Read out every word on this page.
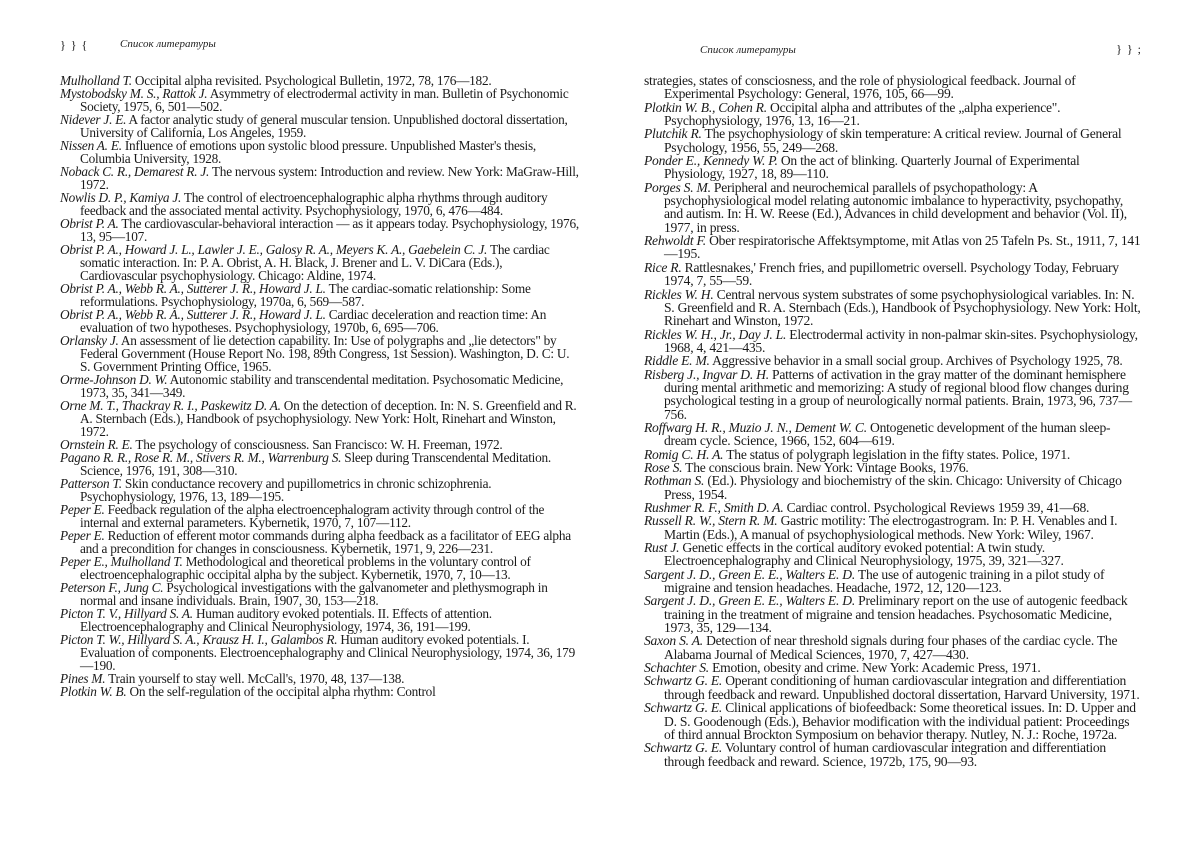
} } {	Список литературы

Mulholland T. Occipital alpha revisited. Psychological Bulletin, 1972, 78, 176—182.

Mystobodsky M. S., Rattok J. Asymmetry of electrodermal activity in man. Bulletin of Psychonomic Society, 1975, 6, 501—502.

Nidever J. E. A factor analytic study of general muscular tension. Unpublished doctoral dissertation, University of California, Los Angeles, 1959.

Nissen A. E. Influence of emotions upon systolic blood pressure. Unpublished Master's thesis, Columbia University, 1928.

Noback C. R., Demarest R. J. The nervous system: Introduction and review. New York: MaGraw-Hill, 1972.

Nowlis D. P., Kamiya J. The control of electroencephalographic alpha rhythms through auditory feedback and the associated mental activity. Psychophysiology, 1970, 6, 476—484.

Obrist P. A. The cardiovascular-behavioral interaction — as it appears today. Psychophysiology, 1976, 13, 95—107.

Obrist P. A., Howard J. L., Lawler J. E., Galosy R. A., Meyers K. A., Gaebelein C. J. The cardiac somatic interaction. In: P. A. Obrist, A. H. Black, J. Brener and L. V. DiCara (Eds.), Cardiovascular psychophysiology. Chicago: Aldine, 1974.

Obrist P. A., Webb R. A., Sutterer J. R., Howard J. L. The cardiac-somatic relationship: Some reformulations. Psychophysiology, 1970a, 6, 569—587.

Obrist P. A., Webb R. A., Sutterer J. R., Howard J. L. Cardiac deceleration and reaction time: An evaluation of two hypotheses. Psychophysiology, 1970b, 6, 695—706.

Orlansky J. An assessment of lie detection capability. In: Use of polygraphs and „lie detectors" by Federal Government (House Report No. 198, 89th Congress, 1st Session). Washington, D. C: U. S. Government Printing Office, 1965.

Orme-Johnson D. W. Autonomic stability and transcendental meditation. Psychosomatic Medicine, 1973, 35, 341—349.

Orne M. T., Thackray R. I., Paskewitz D. A. On the detection of deception. In: N. S. Greenfield and R. A. Sternbach (Eds.), Handbook of psychophysiology. New York: Holt, Rinehart and Winston, 1972.

Ornstein R. E. The psychology of consciousness. San Francisco: W. H. Freeman, 1972.

Pagano R. R., Rose R. M., Stivers R. M., Warrenburg S. Sleep during Transcendental Meditation. Science, 1976, 191, 308—310.

Patterson T. Skin conductance recovery and pupillometrics in chronic schizophrenia. Psychophysiology, 1976, 13, 189—195.

Peper E. Feedback regulation of the alpha electroencephalogram activity through control of the internal and external parameters. Kybernetik, 1970, 7, 107—112.

Peper E. Reduction of efferent motor commands during alpha feedback as a facilitator of EEG alpha and a precondition for changes in consciousness. Kybernetik, 1971, 9, 226—231.

Peper E., Mulholland T. Methodological and theoretical problems in the voluntary control of electroencephalographic occipital alpha by the subject. Kybernetik, 1970, 7, 10—13.

Peterson F., Jung C. Psychological investigations with the galvanometer and plethysmograph in normal and insane individuals. Brain, 1907, 30, 153—218.

Picton T. V., Hillyard S. A. Human auditory evoked potentials. II. Effects of attention. Electroencephalography and Clinical Neurophysiology, 1974, 36, 191—199.

Picton T. W., Hillyard S. A., Krausz H. I., Galambos R. Human auditory evoked potentials. I. Evaluation of components. Electroencephalography and Clinical Neurophysiology, 1974, 36, 179—190.

Pines M. Train yourself to stay well. McCall's, 1970, 48, 137—138.

Plotkin W. B. On the self-regulation of the occipital alpha rhythm: Control

Список литературы	} } ;

strategies, states of consciosness, and the role of physiological feedback. Journal of Experimental Psychology: General, 1976, 105, 66—99.

Plotkin W. B., Cohen R. Occipital alpha and attributes of the „alpha experience". Psychophysiology, 1976, 13, 16—21.

Plutchik R. The psychophysiology of skin temperature: A critical review. Journal of General Psychology, 1956, 55, 249—268.

Ponder E., Kennedy W. P. On the act of blinking. Quarterly Journal of Experimental Physiology, 1927, 18, 89—110.

Porges S. M. Peripheral and neurochemical parallels of psychopathology: A psychophysiological model relating autonomic imbalance to hyperactivity, psychopathy, and autism. In: H. W. Reese (Ed.), Advances in child development and behavior (Vol. II), 1977, in press.

Rehwoldt F. Ober respiratorische Affektsymptome, mit Atlas von 25 Tafeln Ps. St., 1911, 7, 141—195.

Rice R. Rattlesnakes,' French fries, and pupillometric oversell. Psychology Today, February 1974, 7, 55—59.

Rickles W. H. Central nervous system substrates of some psychophysiological variables. In: N. S. Greenfield and R. A. Sternbach (Eds.), Handbook of Psychophysiology. New York: Holt, Rinehart and Winston, 1972.

Rickles W. H., Jr., Day J. L. Electrodermal activity in non-palmar skin-sites. Psychophysiology, 1968, 4, 421—435.

Riddle E. M. Aggressive behavior in a small social group. Archives of Psychology 1925, 78.

Risberg J., Ingvar D. H. Patterns of activation in the gray matter of the dominant hemisphere during mental arithmetic and memorizing: A study of regional blood flow changes during psychological testing in a group of neurologically normal patients. Brain, 1973, 96, 737—756.

Roffwarg H. R., Muzio J. N., Dement W. C. Ontogenetic development of the human sleep-dream cycle. Science, 1966, 152, 604—619.

Romig C. H. A. The status of polygraph legislation in the fifty states. Police, 1971.

Rose S. The conscious brain. New York: Vintage Books, 1976.

Rothman S. (Ed.). Physiology and biochemistry of the skin. Chicago: University of Chicago Press, 1954.

Rushmer R. F., Smith D. A. Cardiac control. Psychological Reviews 1959 39, 41—68.

Russell R. W., Stern R. M. Gastric motility: The electrogastrogram. In: P. H. Venables and I. Martin (Eds.), A manual of psychophysiological methods. New York: Wiley, 1967.

Rust J. Genetic effects in the cortical auditory evoked potential: A twin study. Electroencephalography and Clinical Neurophysiology, 1975, 39, 321—327.

Sargent J. D., Green E. E., Walters E. D. The use of autogenic training in a pilot study of migraine and tension headaches. Headache, 1972, 12, 120—123.

Sargent J. D., Green E. E., Walters E. D. Preliminary report on the use of autogenic feedback training in the treatment of migraine and tension headaches. Psychosomatic Medicine, 1973, 35, 129—134.

Saxon S. A. Detection of near threshold signals during four phases of the cardiac cycle. The Alabama Journal of Medical Sciences, 1970, 7, 427—430.

Schachter S. Emotion, obesity and crime. New York: Academic Press, 1971.

Schwartz G. E. Operant conditioning of human cardiovascular integration and differentiation through feedback and reward. Unpublished doctoral dissertation, Harvard University, 1971.

Schwartz G. E. Clinical applications of biofeedback: Some theoretical issues. In: D. Upper and D. S. Goodenough (Eds.), Behavior modification with the individual patient: Proceedings of third annual Brockton Symposium on behavior therapy. Nutley, N. J.: Roche, 1972a.

Schwartz G. E. Voluntary control of human cardiovascular integration and differentiation through feedback and reward. Science, 1972b, 175, 90—93.
